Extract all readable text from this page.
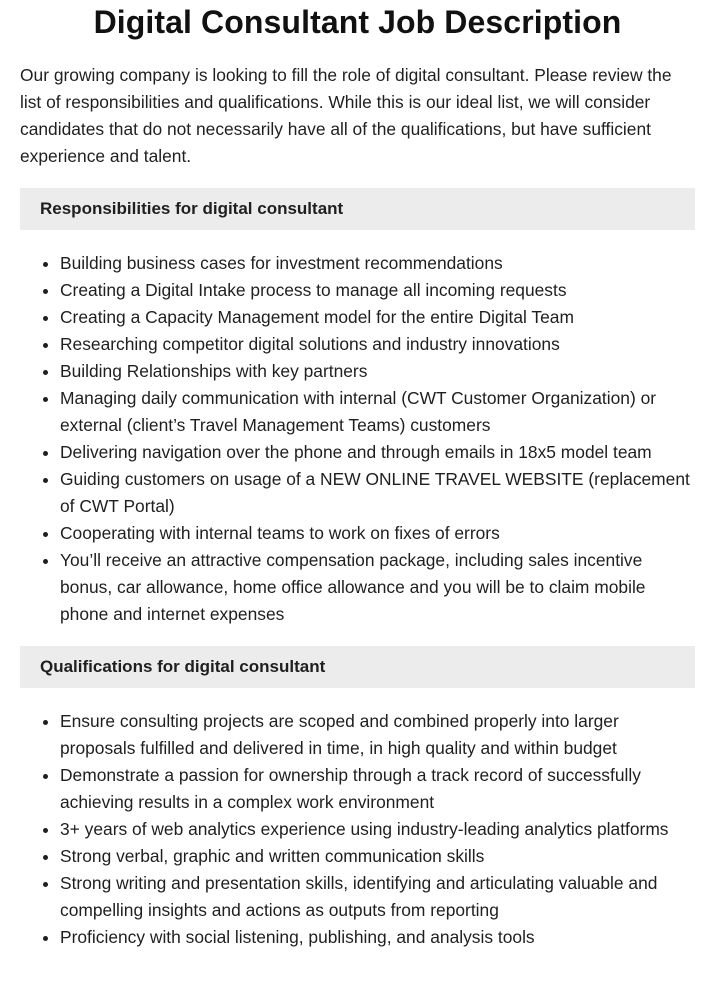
Digital Consultant Job Description

Our growing company is looking to fill the role of digital consultant. Please review the list of responsibilities and qualifications. While this is our ideal list, we will consider candidates that do not necessarily have all of the qualifications, but have sufficient experience and talent.

Responsibilities for digital consultant
• Building business cases for investment recommendations
• Creating a Digital Intake process to manage all incoming requests
• Creating a Capacity Management model for the entire Digital Team
• Researching competitor digital solutions and industry innovations
• Building Relationships with key partners
• Managing daily communication with internal (CWT Customer Organization) or external (client’s Travel Management Teams) customers
• Delivering navigation over the phone and through emails in 18x5 model team
• Guiding customers on usage of a NEW ONLINE TRAVEL WEBSITE (replacement of CWT Portal)
• Cooperating with internal teams to work on fixes of errors
• You’ll receive an attractive compensation package, including sales incentive bonus, car allowance, home office allowance and you will be to claim mobile phone and internet expenses
Qualifications for digital consultant
• Ensure consulting projects are scoped and combined properly into larger proposals fulfilled and delivered in time, in high quality and within budget
• Demonstrate a passion for ownership through a track record of successfully achieving results in a complex work environment
• 3+ years of web analytics experience using industry-leading analytics platforms
• Strong verbal, graphic and written communication skills
• Strong writing and presentation skills, identifying and articulating valuable and compelling insights and actions as outputs from reporting
• Proficiency with social listening, publishing, and analysis tools
